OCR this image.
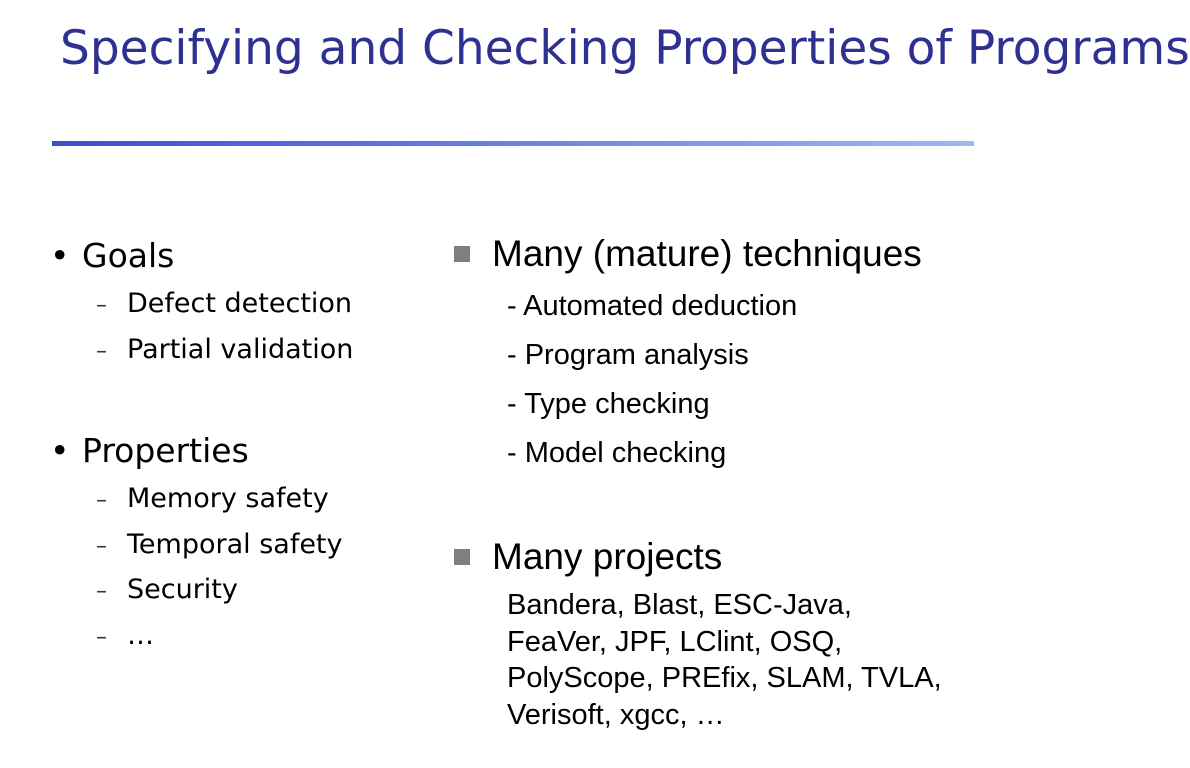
Specifying and Checking Properties of Programs
• Goals
– Defect detection
– Partial validation
• Properties
– Memory safety
– Temporal safety
– Security
– …
Many (mature) techniques
- Automated deduction
- Program analysis
- Type checking
- Model checking
Many projects

Bandera, Blast, ESC-Java, FeaVer, JPF, LClint, OSQ, PolyScope, PREfix, SLAM, TVLA, Verisoft, xgcc, …
